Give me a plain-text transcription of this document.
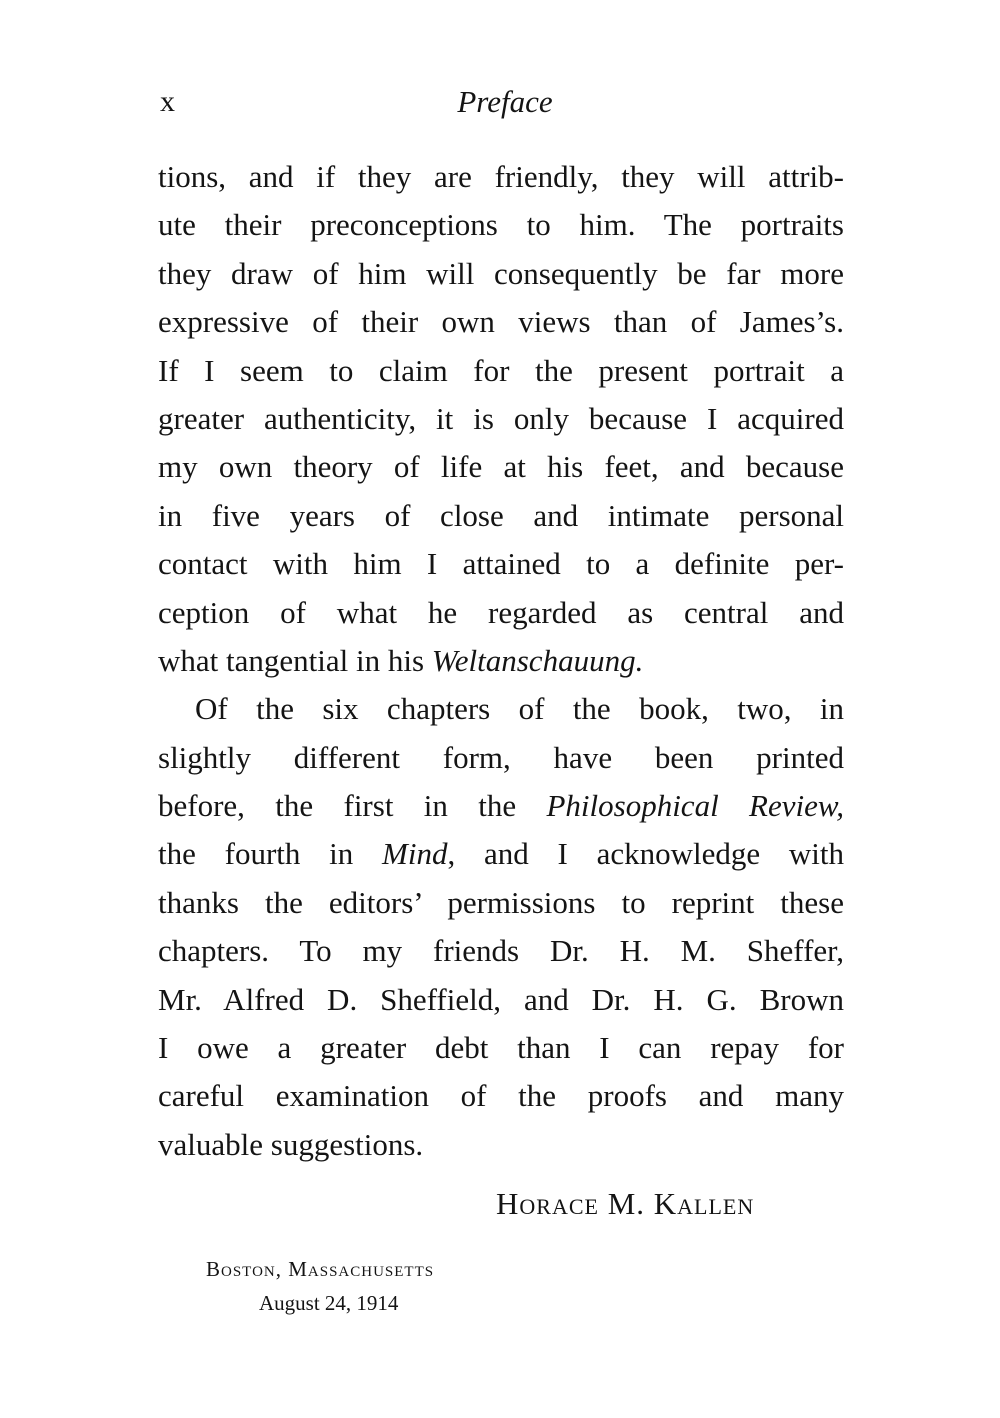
x	Preface
tions, and if they are friendly, they will attrib-
ute their preconceptions to him. The portraits
they draw of him will consequently be far more
expressive of their own views than of James’s.
If I seem to claim for the present portrait a
greater authenticity, it is only because I acquired
my own theory of life at his feet, and because
in five years of close and intimate personal
contact with him I attained to a definite per-
ception of what he regarded as central and
what tangential in his Weltanschauung.
Of the six chapters of the book, two, in
slightly different form, have been printed
before, the first in the Philosophical Review,
the fourth in Mind, and I acknowledge with
thanks the editors’ permissions to reprint these
chapters. To my friends Dr. H. M. Sheffer,
Mr. Alfred D. Sheffield, and Dr. H. G. Brown
I owe a greater debt than I can repay for
careful examination of the proofs and many
valuable suggestions.
Horace M. Kallen
Boston, Massachusetts
August 24, 1914
